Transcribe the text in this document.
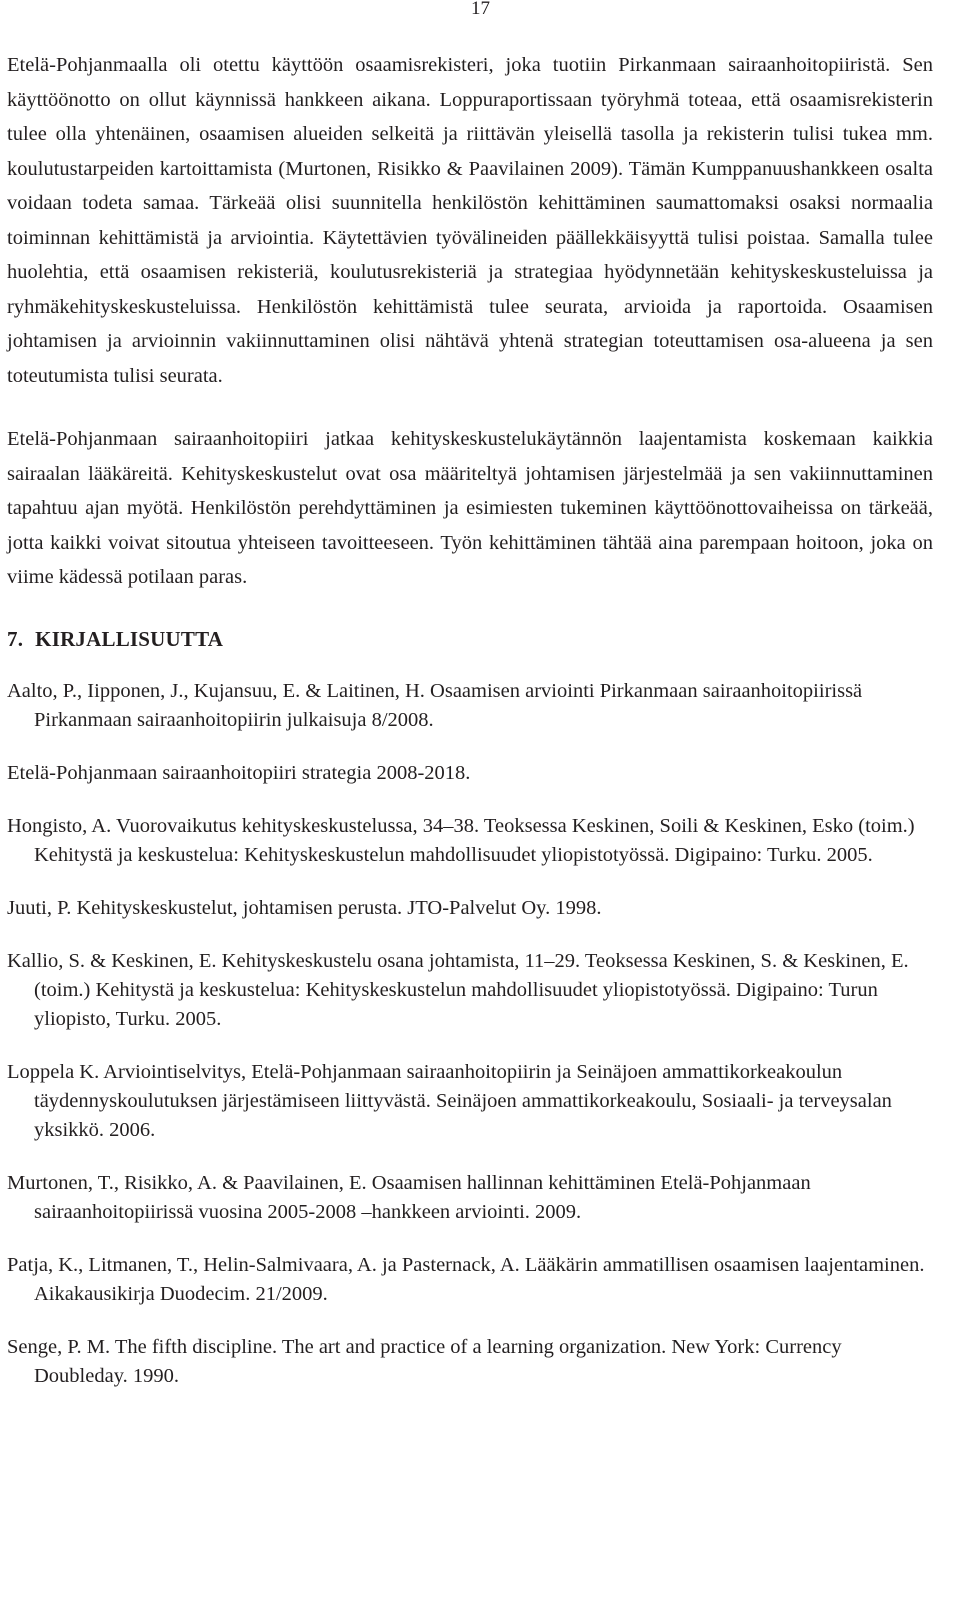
17

Etelä-Pohjanmaalla oli otettu käyttöön osaamisrekisteri, joka tuotiin Pirkanmaan sairaanhoitopiiristä. Sen käyttöönotto on ollut käynnissä hankkeen aikana. Loppuraportissaan työryhmä toteaa, että osaamisrekisterin tulee olla yhtenäinen, osaamisen alueiden selkeitä ja riittävän yleisellä tasolla ja rekisterin tulisi tukea mm. koulutustarpeiden kartoittamista (Murtonen, Risikko & Paavilainen 2009). Tämän Kumppanuushankkeen osalta voidaan todeta samaa. Tärkeää olisi suunnitella henkilöstön kehittäminen saumattomaksi osaksi normaalia toiminnan kehittämistä ja arviointia. Käytettävien työvälineiden päällekkäisyyttä tulisi poistaa. Samalla tulee huolehtia, että osaamisen rekisteriä, koulutusrekisteriä ja strategiaa hyödynnetään kehityskeskusteluissa ja ryhmäkehityskeskusteluissa. Henkilöstön kehittämistä tulee seurata, arvioida ja raportoida. Osaamisen johtamisen ja arvioinnin vakiinnuttaminen olisi nähtävä yhtenä strategian toteuttamisen osa-alueena ja sen toteutumista tulisi seurata.

Etelä-Pohjanmaan sairaanhoitopiiri jatkaa kehityskeskustelukäytännön laajentamista koskemaan kaikkia sairaalan lääkäreitä. Kehityskeskustelut ovat osa määriteltyä johtamisen järjestelmää ja sen vakiinnuttaminen tapahtuu ajan myötä. Henkilöstön perehdyttäminen ja esimiesten tukeminen käyttöönottovaiheissa on tärkeää, jotta kaikki voivat sitoutua yhteiseen tavoitteeseen. Työn kehittäminen tähtää aina parempaan hoitoon, joka on viime kädessä potilaan paras.

7. KIRJALLISUUTTA
Aalto, P., Iipponen, J., Kujansuu, E. & Laitinen, H. Osaamisen arviointi Pirkanmaan sairaanhoitopiirissä Pirkanmaan sairaanhoitopiirin julkaisuja 8/2008.
Etelä-Pohjanmaan sairaanhoitopiiri strategia 2008-2018.
Hongisto, A. Vuorovaikutus kehityskeskustelussa, 34–38. Teoksessa Keskinen, Soili & Keskinen, Esko (toim.) Kehitystä ja keskustelua: Kehityskeskustelun mahdollisuudet yliopistotyössä. Digipaino: Turku. 2005.
Juuti, P. Kehityskeskustelut, johtamisen perusta. JTO-Palvelut Oy. 1998.
Kallio, S. & Keskinen, E. Kehityskeskustelu osana johtamista, 11–29. Teoksessa Keskinen, S. & Keskinen, E. (toim.) Kehitystä ja keskustelua: Kehityskeskustelun mahdollisuudet yliopistotyössä. Digipaino: Turun yliopisto, Turku. 2005.
Loppela K. Arviointiselvitys, Etelä-Pohjanmaan sairaanhoitopiirin ja Seinäjoen ammattikorkeakoulun täydennyskoulutuksen järjestämiseen liittyvästä. Seinäjoen ammattikorkeakoulu, Sosiaali- ja terveysalan yksikkö. 2006.
Murtonen, T., Risikko, A. & Paavilainen, E. Osaamisen hallinnan kehittäminen Etelä-Pohjanmaan sairaanhoitopiirissä vuosina 2005-2008 –hankkeen arviointi. 2009.
Patja, K., Litmanen, T., Helin-Salmivaara, A. ja Pasternack, A. Lääkärin ammatillisen osaamisen laajentaminen. Aikakausikirja Duodecim. 21/2009.
Senge, P. M. The fifth discipline. The art and practice of a learning organization. New York: Currency Doubleday. 1990.
